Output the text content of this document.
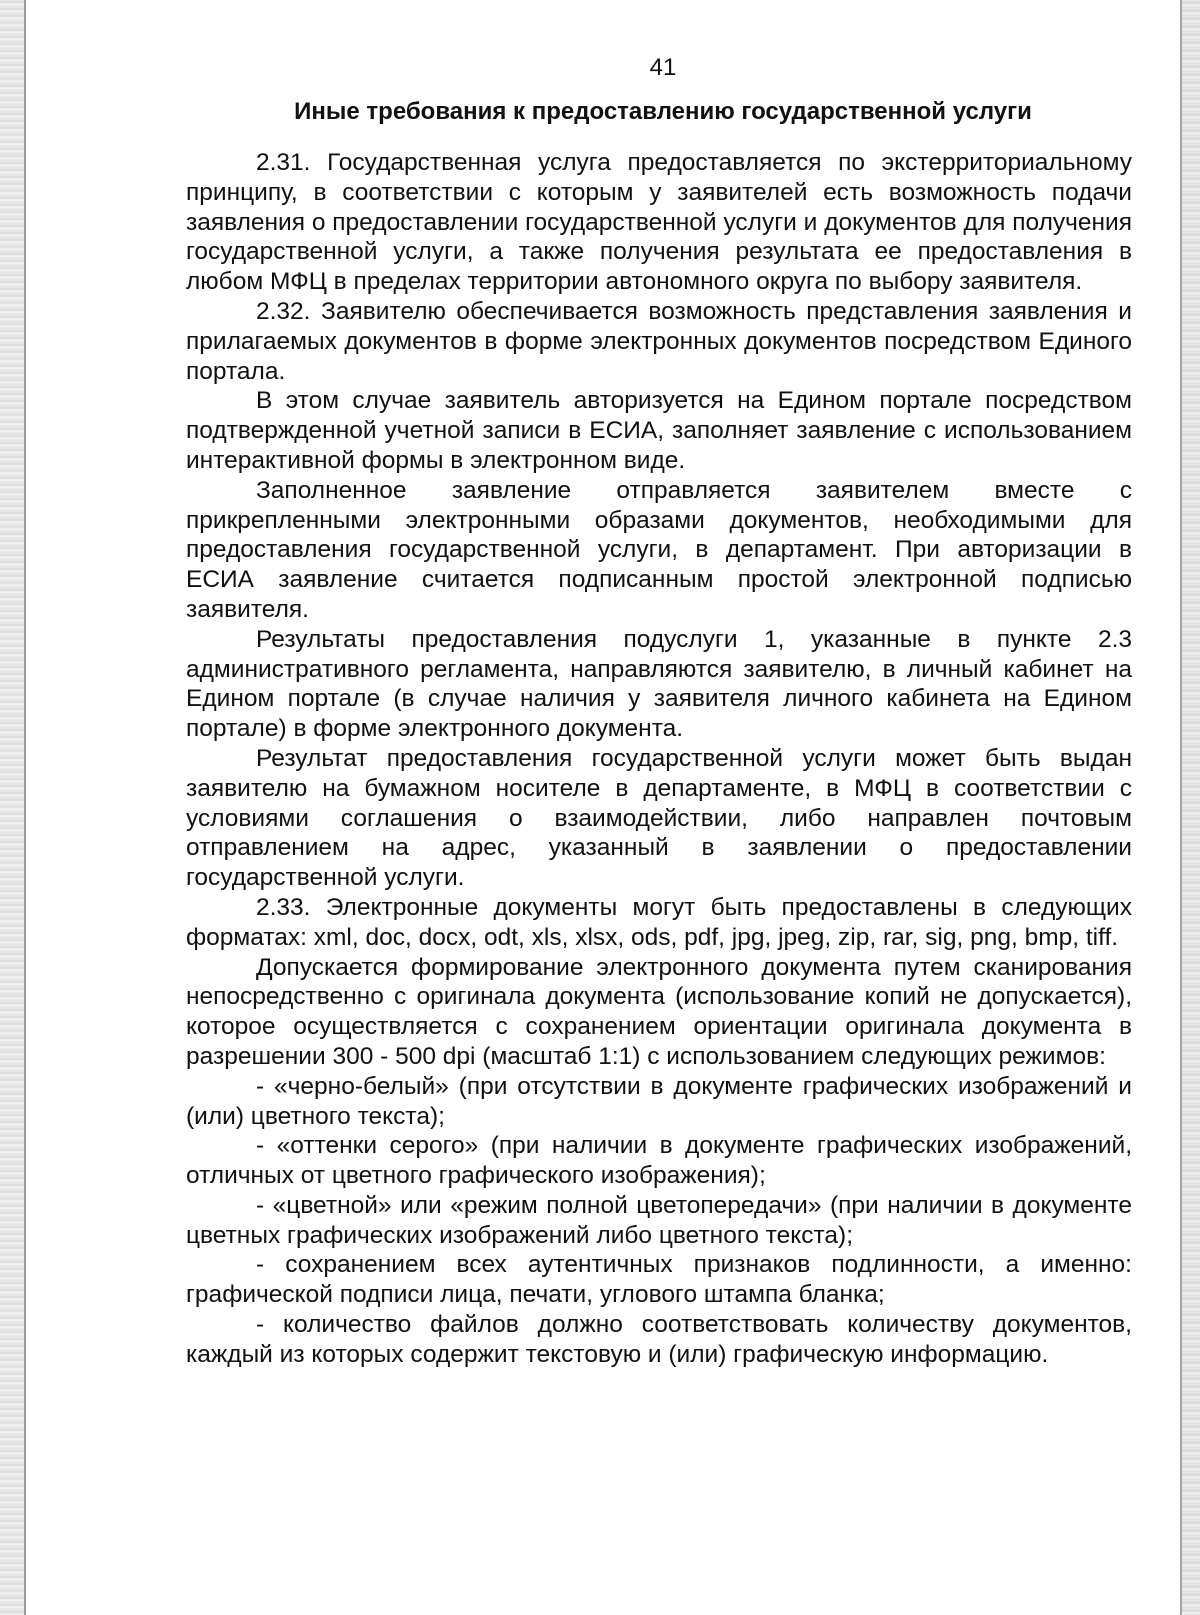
41
Иные требования к предоставлению государственной услуги

2.31. Государственная услуга предоставляется по экстерриториальному принципу, в соответствии с которым у заявителей есть возможность подачи заявления о предоставлении государственной услуги и документов для получения государственной услуги, а также получения результата ее предоставления в любом МФЦ в пределах территории автономного округа по выбору заявителя.

2.32. Заявителю обеспечивается возможность представления заявления и прилагаемых документов в форме электронных документов посредством Единого портала.

В этом случае заявитель авторизуется на Едином портале посредством подтвержденной учетной записи в ЕСИА, заполняет заявление с использованием интерактивной формы в электронном виде.

Заполненное заявление отправляется заявителем вместе с прикрепленными электронными образами документов, необходимыми для предоставления государственной услуги, в департамент. При авторизации в ЕСИА заявление считается подписанным простой электронной подписью заявителя.

Результаты предоставления подуслуги 1, указанные в пункте 2.3 административного регламента, направляются заявителю, в личный кабинет на Едином портале (в случае наличия у заявителя личного кабинета на Едином портале) в форме электронного документа.

Результат предоставления государственной услуги может быть выдан заявителю на бумажном носителе в департаменте, в МФЦ в соответствии с условиями соглашения о взаимодействии, либо направлен почтовым отправлением на адрес, указанный в заявлении о предоставлении государственной услуги.

2.33. Электронные документы могут быть предоставлены в следующих форматах: xml, doc, docx, odt, xls, xlsx, ods, pdf, jpg, jpeg, zip, rar, sig, png, bmp, tiff.

Допускается формирование электронного документа путем сканирования непосредственно с оригинала документа (использование копий не допускается), которое осуществляется с сохранением ориентации оригинала документа в разрешении 300 - 500 dpi (масштаб 1:1) с использованием следующих режимов:

- «черно-белый» (при отсутствии в документе графических изображений и (или) цветного текста);

- «оттенки серого» (при наличии в документе графических изображений, отличных от цветного графического изображения);

- «цветной» или «режим полной цветопередачи» (при наличии в документе цветных графических изображений либо цветного текста);

- сохранением всех аутентичных признаков подлинности, а именно: графической подписи лица, печати, углового штампа бланка;

- количество файлов должно соответствовать количеству документов, каждый из которых содержит текстовую и (или) графическую информацию.
